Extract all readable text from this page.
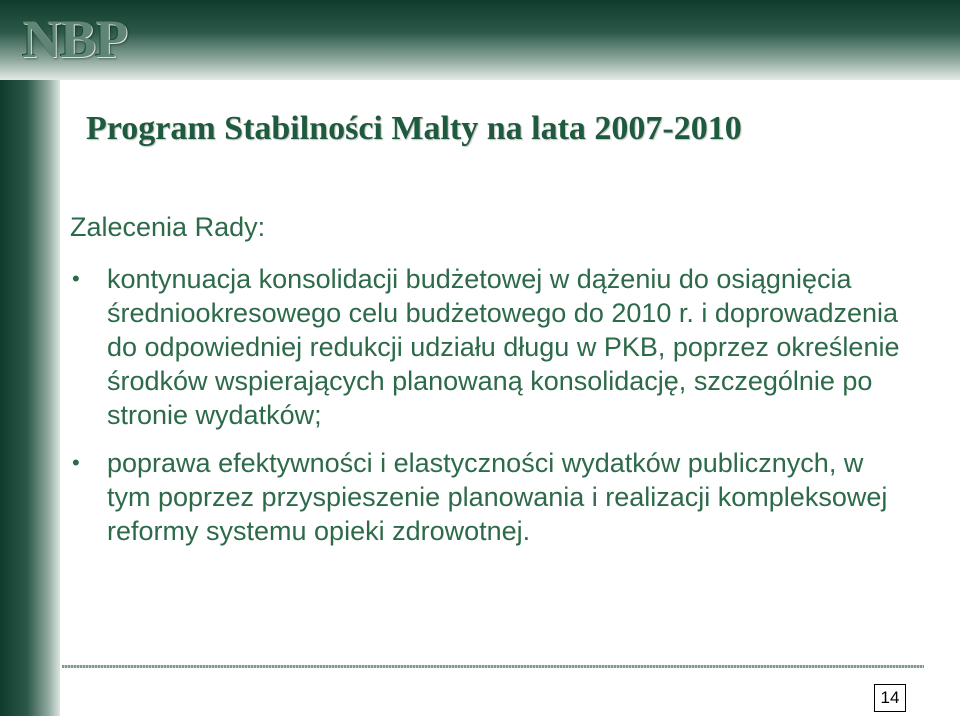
NBP
Program Stabilności Malty na lata 2007-2010

Zalecenia Rady:

• kontynuacja konsolidacji budżetowej w dążeniu do osiągnięcia średniookresowego celu budżetowego do 2010 r. i doprowadzenia do odpowiedniej redukcji udziału długu w PKB, poprzez określenie środków wspierających planowaną konsolidację, szczególnie po stronie wydatków;
• poprawa efektywności i elastyczności wydatków publicznych, w tym poprzez przyspieszenie planowania i realizacji kompleksowej reformy systemu opieki zdrowotnej.
14
